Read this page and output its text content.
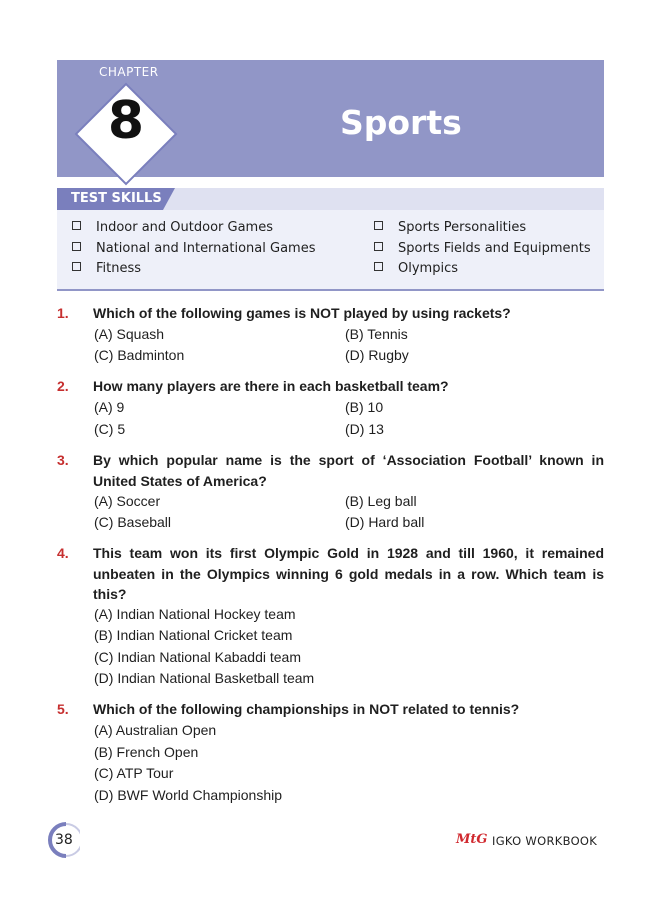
CHAPTER
8	Sports
TEST SKILLS
Indoor and Outdoor Games
National and International Games
Fitness
Sports Personalities
Sports Fields and Equipments
Olympics
1. Which of the following games is NOT played by using rackets?
(A) Squash	(B) Tennis
(C) Badminton	(D) Rugby
2. How many players are there in each basketball team?
(A) 9	(B) 10
(C) 5	(D) 13
3. By which popular name is the sport of ‘Association Football’ known in United States of America?
(A) Soccer	(B) Leg ball
(C) Baseball	(D) Hard ball
4. This team won its first Olympic Gold in 1928 and till 1960, it remained unbeaten in the Olympics winning 6 gold medals in a row. Which team is this?
(A) Indian National Hockey team
(B) Indian National Cricket team
(C) Indian National Kabaddi team
(D) Indian National Basketball team
5. Which of the following championships in NOT related to tennis?
(A) Australian Open
(B) French Open
(C) ATP Tour
(D) BWF World Championship
38	MtG IGKO WORKBOOK
